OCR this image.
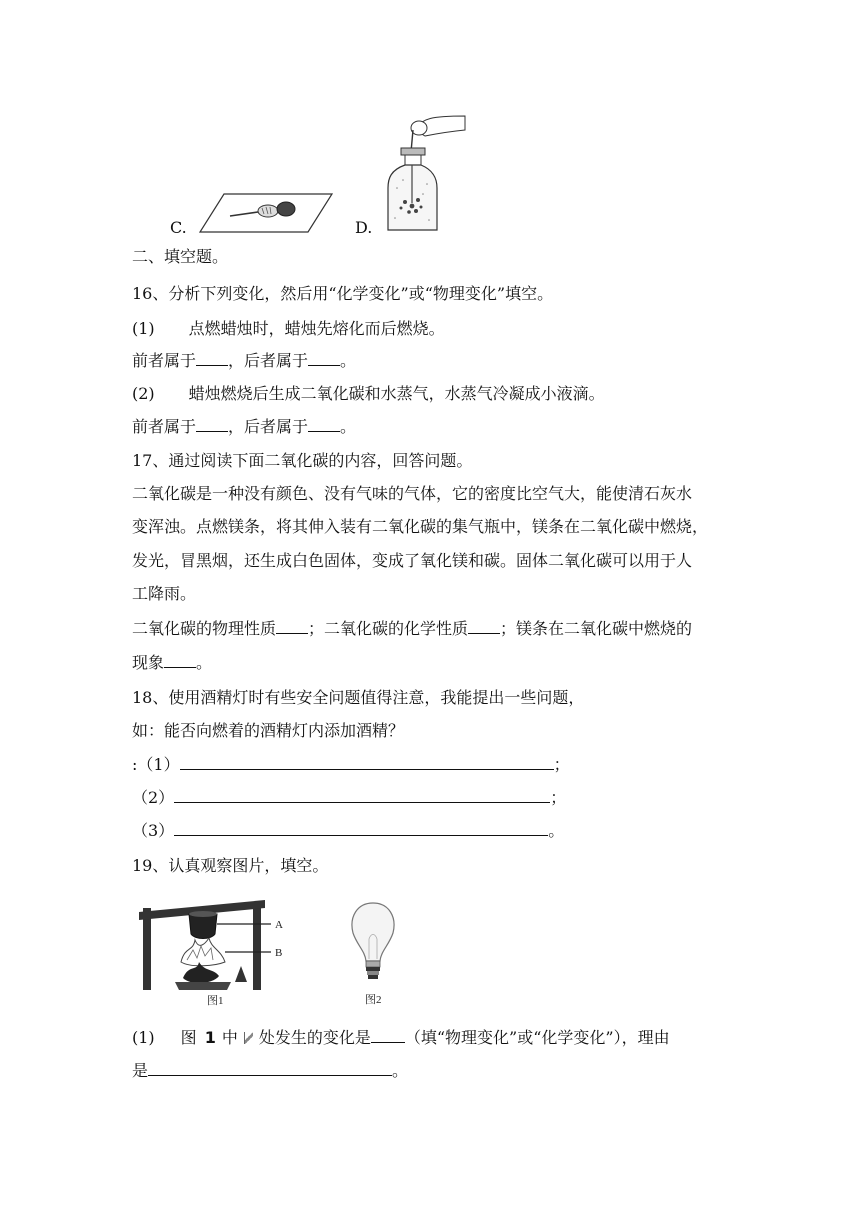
C.	D.
二、填空题。
16、分析下列变化，然后用“化学变化”或“物理变化”填空。
(1) 点燃蜡烛时，蜡烛先熔化而后燃烧。
前者属于 ，后者属于 。
(2) 蜡烛燃烧后生成二氧化碳和水蒸气，水蒸气冷凝成小液滴。
前者属于 ，后者属于 。
17、通过阅读下面二氧化碳的内容，回答问题。
二氧化碳是一种没有颜色、没有气味的气体，它的密度比空气大，能使清石灰水
变浑浊。点燃镁条，将其伸入装有二氧化碳的集气瓶中，镁条在二氧化碳中燃烧，
发光，冒黑烟，还生成白色固体，变成了氧化镁和碳。固体二氧化碳可以用于人
工降雨。
二氧化碳的物理性质 ；二氧化碳的化学性质 ；镁条在二氧化碳中燃烧的
现象 。
18、使用酒精灯时有些安全问题值得注意，我能提出一些问题，
如：能否向燃着的酒精灯内添加酒精？
:（1）	；
（2）	；
（3）	。
19、认真观察图片，填空。
A
B
图1	图2
(1) 图 1 中 处发生的变化是 （填“物理变化”或“化学变化”），理由
是	。
